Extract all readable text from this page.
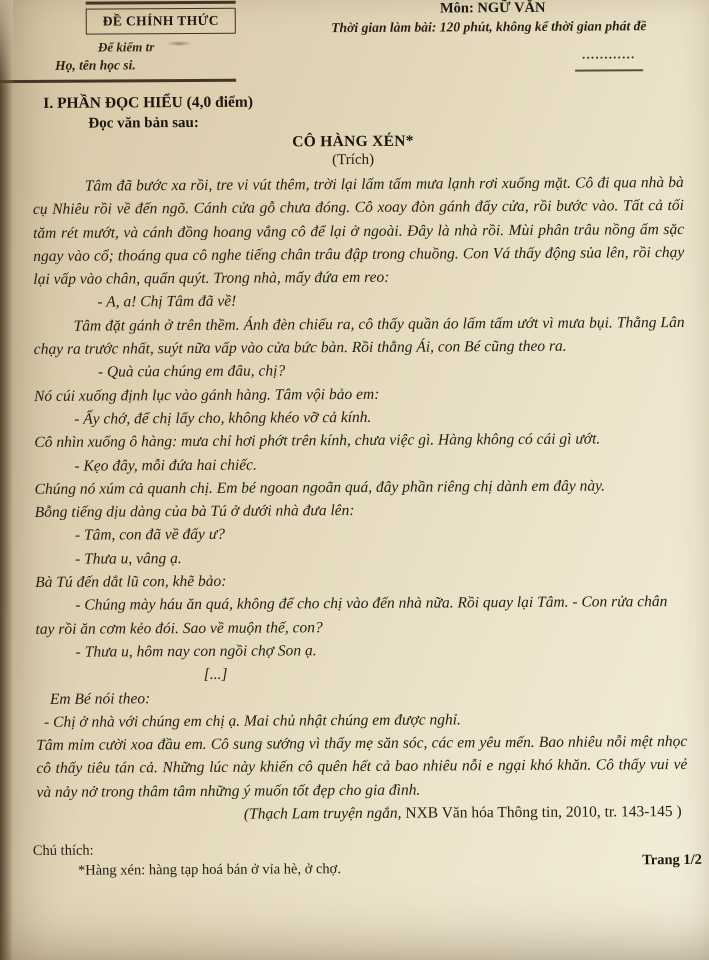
ĐỀ CHÍNH THỨC
Để kiểm tr
Họ, tên học si.
Môn: NGỮ VĂN
Thời gian làm bài: 120 phút, không kể thời gian phát đề
............
I. PHẦN ĐỌC HIỂU (4,0 điểm)
Đọc văn bản sau:
CÔ HÀNG XÉN*
(Trích)

Tâm đã bước xa rồi, tre vi vút thêm, trời lại lấm tấm mưa lạnh rơi xuống mặt. Cô đi qua nhà bà cụ Nhiêu rồi về đến ngõ. Cánh cửa gỗ chưa đóng. Cô xoay đòn gánh đẩy cửa, rồi bước vào. Tất cả tối tăm rét mướt, và cánh đồng hoang vắng cô để lại ở ngoài. Đây là nhà rồi. Mùi phân trâu nồng ấm sặc ngay vào cổ; thoáng qua cô nghe tiếng chân trâu đập trong chuồng. Con Vá thấy động sủa lên, rồi chạy lại vấp vào chân, quấn quýt. Trong nhà, mấy đứa em reo:

- A, a! Chị Tâm đã về!

Tâm đặt gánh ở trên thềm. Ánh đèn chiếu ra, cô thấy quần áo lấm tấm ướt vì mưa bụi. Thằng Lân chạy ra trước nhất, suýt nữa vấp vào cửa bức bàn. Rồi thằng Ái, con Bé cũng theo ra.

- Quà của chúng em đâu, chị?

Nó cúi xuống định lục vào gánh hàng. Tâm vội bảo em:

- Ấy chớ, để chị lấy cho, không khéo vỡ cả kính.

Cô nhìn xuống ô hàng: mưa chỉ hơi phớt trên kính, chưa việc gì. Hàng không có cái gì ướt.

- Kẹo đây, mỗi đứa hai chiếc.

Chúng nó xúm cả quanh chị. Em bé ngoan ngoãn quá, đây phần riêng chị dành em đây này.

Bỗng tiếng dịu dàng của bà Tú ở dưới nhà đưa lên:

- Tâm, con đã về đấy ư?

- Thưa u, vâng ạ.

Bà Tú đến dắt lũ con, khẽ bảo:

- Chúng mày háu ăn quá, không để cho chị vào đến nhà nữa. Rồi quay lại Tâm. - Con rửa chân tay rồi ăn cơm kẻo đói. Sao về muộn thế, con?

- Thưa u, hôm nay con ngồi chợ Son ạ.

[...]

Em Bé nói theo:

- Chị ở nhà với chúng em chị ạ. Mai chủ nhật chúng em được nghỉ.

Tâm mỉm cười xoa đầu em. Cô sung sướng vì thấy mẹ săn sóc, các em yêu mến. Bao nhiêu nỗi mệt nhọc cô thấy tiêu tán cả. Những lúc này khiến cô quên hết cả bao nhiêu nỗi e ngại khó khăn. Cô thấy vui vẻ và nảy nở trong thâm tâm những ý muốn tốt đẹp cho gia đình.

(Thạch Lam truyện ngắn, NXB Văn hóa Thông tin, 2010, tr. 143-145 )

Chú thích:
*Hàng xén: hàng tạp hoá bán ở vỉa hè, ở chợ.
Trang 1/2
